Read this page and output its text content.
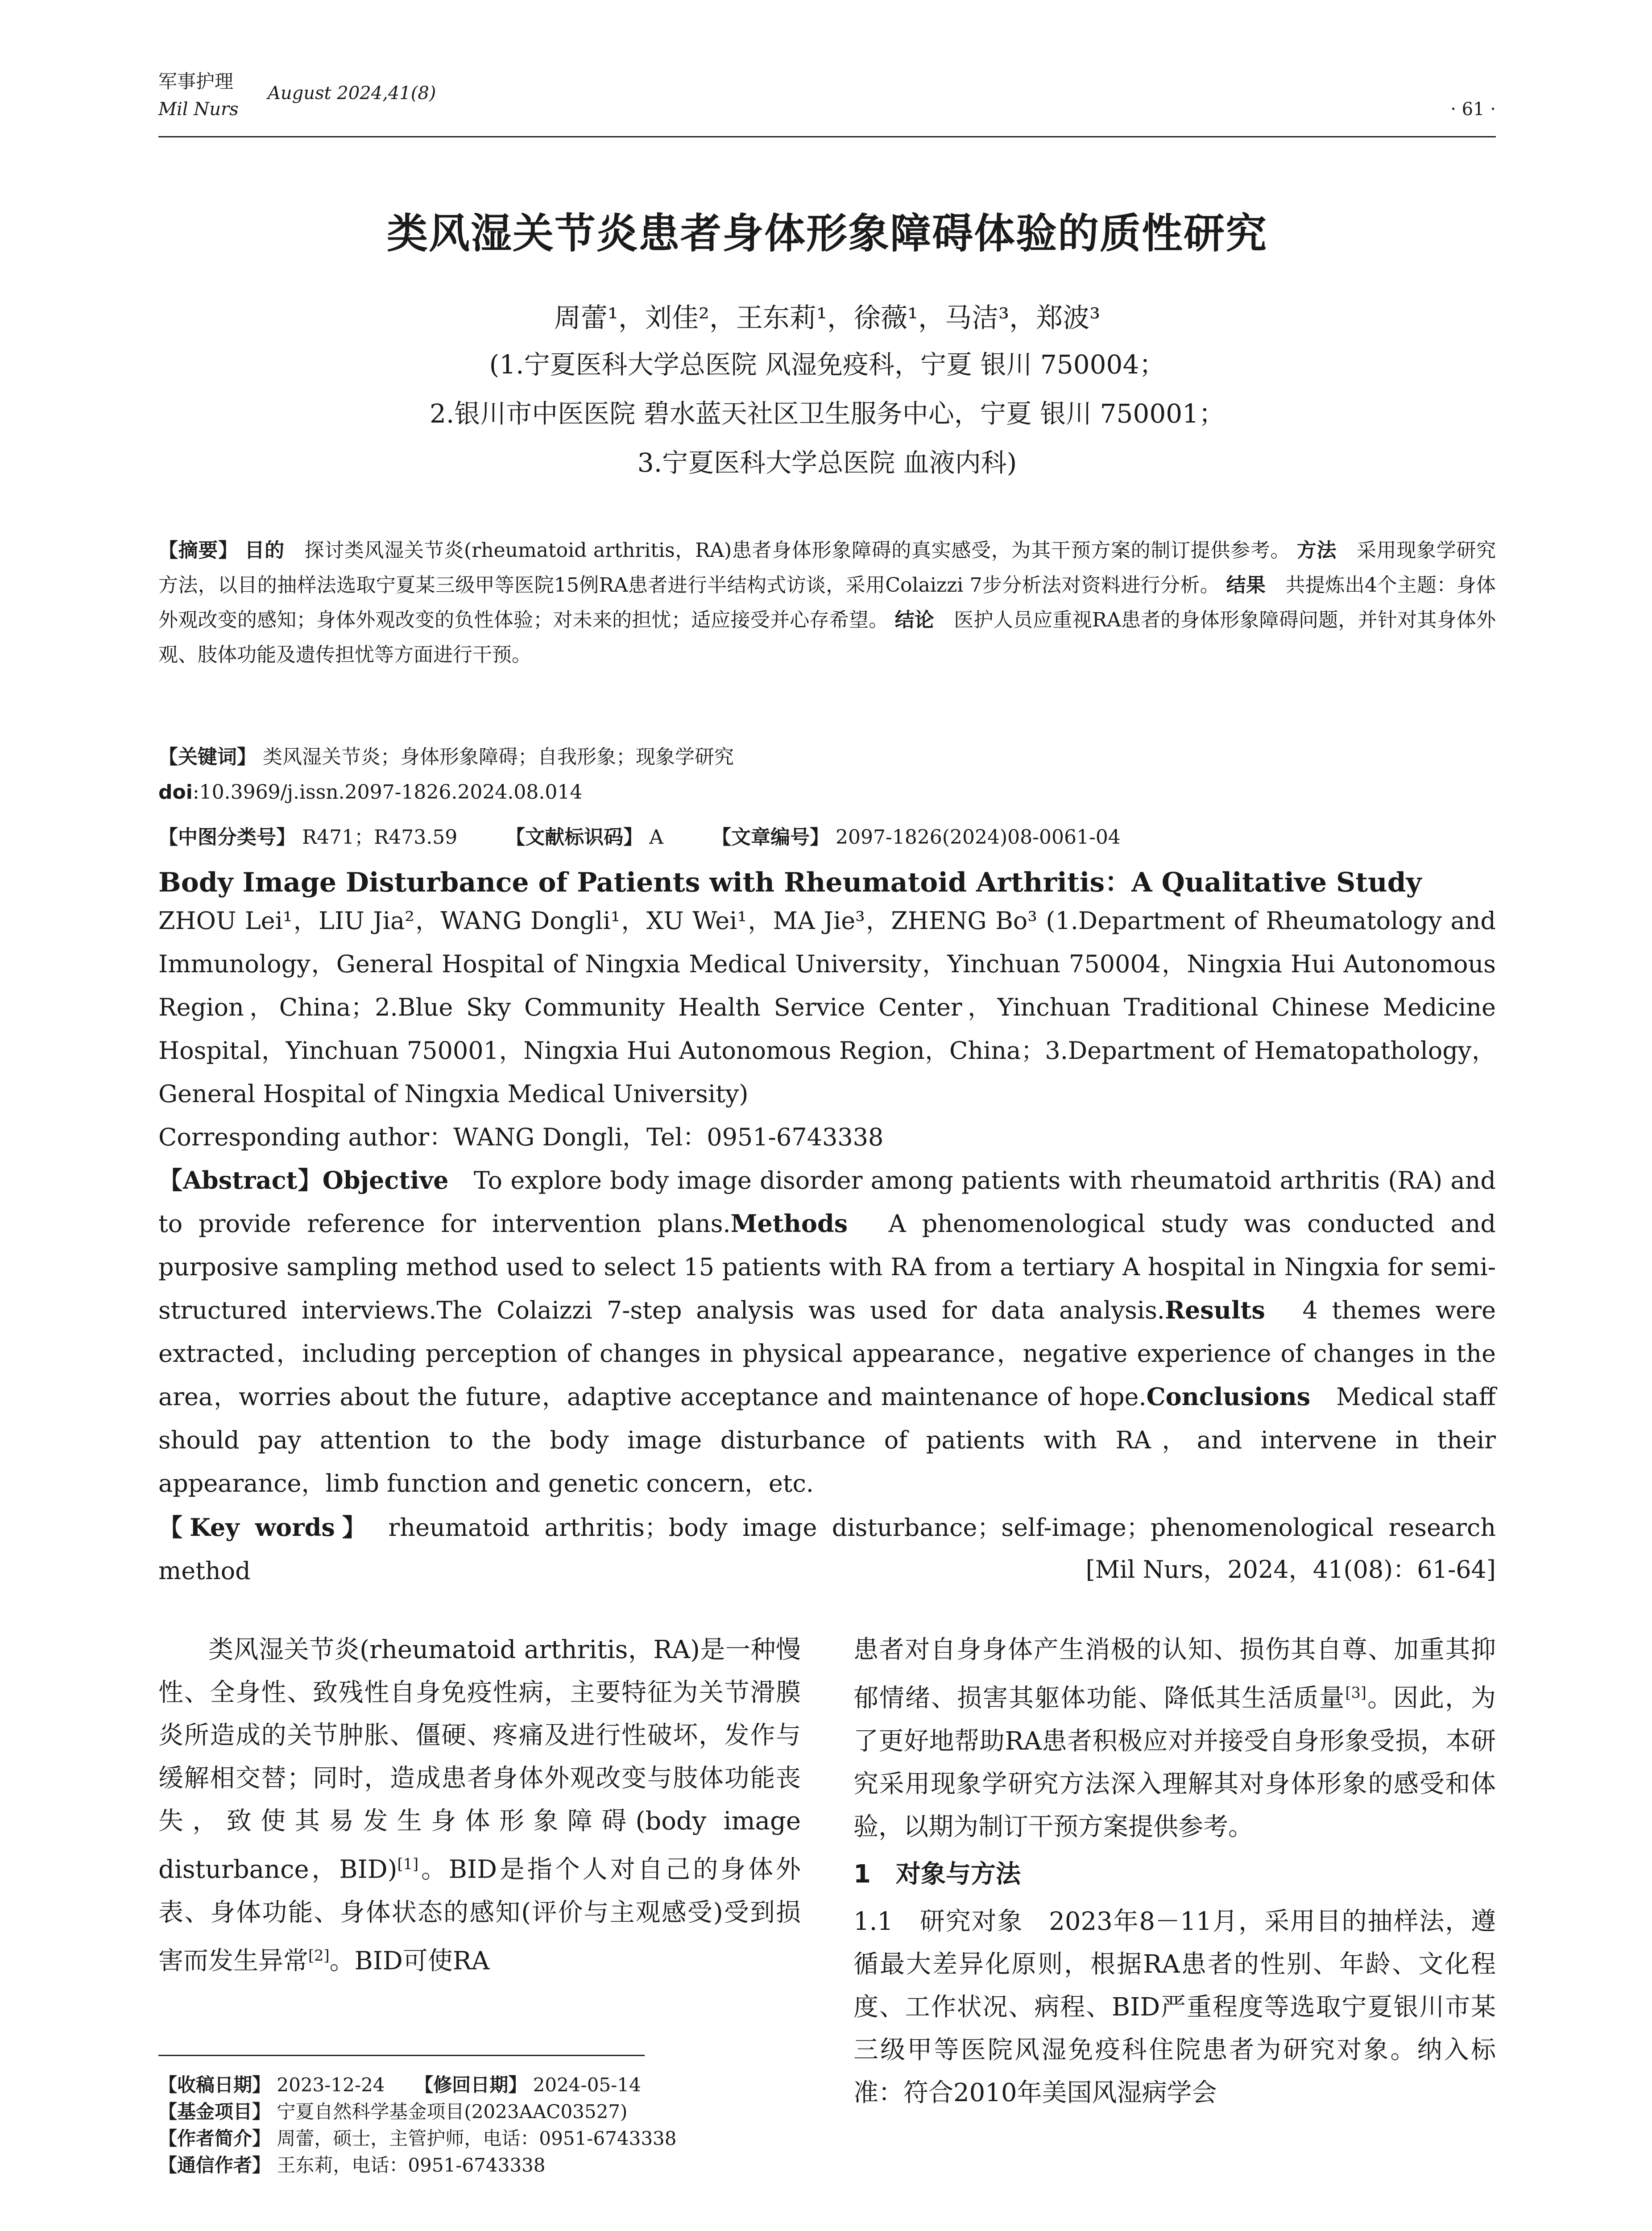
军事护理
August 2024,41(8)
Mil Nurs	· 61 ·
类风湿关节炎患者身体形象障碍体验的质性研究
周蕾¹，刘佳²，王东莉¹，徐薇¹，马洁³，郑波³
(1.宁夏医科大学总医院 风湿免疫科，宁夏 银川 750004；
2.银川市中医医院 碧水蓝天社区卫生服务中心，宁夏 银川 750001；
3.宁夏医科大学总医院 血液内科)
【摘要】 目的　 探讨类风湿关节炎(rheumatoid arthritis，RA)患者身体形象障碍的真实感受，为其干预方案的制订提供参考。 方法　 采用现象学研究方法，以目的抽样法选取宁夏某三级甲等医院15例RA患者进行半结构式访谈，采用Colaizzi 7步分析法对资料进行分析。 结果　 共提炼出4个主题：身体外观改变的感知；身体外观改变的负性体验；对未来的担忧；适应接受并心存希望。 结论　 医护人员应重视RA患者的身体形象障碍问题，并针对其身体外观、肢体功能及遗传担忧等方面进行干预。
【关键词】 类风湿关节炎；身体形象障碍；自我形象；现象学研究
doi:10.3969/j.issn.2097-1826.2024.08.014
【中图分类号】 R471；R473.59 【文献标识码】 A 【文章编号】 2097-1826(2024)08-0061-04
Body Image Disturbance of Patients with Rheumatoid Arthritis：A Qualitative Study
ZHOU Lei¹，LIU Jia²，WANG Dongli¹，XU Wei¹，MA Jie³，ZHENG Bo³ (1.Department of Rheumatology and Immunology，General Hospital of Ningxia Medical University，Yinchuan 750004，Ningxia Hui Autonomous Region，China；2.Blue Sky Community Health Service Center，Yinchuan Traditional Chinese Medicine Hospital，Yinchuan 750001，Ningxia Hui Autonomous Region，China；3.Department of Hematopathology，General Hospital of Ningxia Medical University)
Corresponding author：WANG Dongli，Tel：0951-6743338
【Abstract】Objective　 To explore body image disorder among patients with rheumatoid arthritis (RA) and to provide reference for intervention plans.Methods　 A phenomenological study was conducted and purposive sampling method used to select 15 patients with RA from a tertiary A hospital in Ningxia for semi-structured interviews.The Colaizzi 7-step analysis was used for data analysis.Results　 4 themes were extracted，including perception of changes in physical appearance，negative experience of changes in the area，worries about the future，adaptive acceptance and maintenance of hope.Conclusions　 Medical staff should pay attention to the body image disturbance of patients with RA，and intervene in their appearance，limb function and genetic concern，etc.
【Key words】 rheumatoid arthritis；body image disturbance；self-image；phenomenological research method	[Mil Nurs，2024，41(08)：61-64]
类风湿关节炎(rheumatoid arthritis，RA)是一种慢性、全身性、致残性自身免疫性病，主要特征为关节滑膜炎所造成的关节肿胀、僵硬、疼痛及进行性破坏，发作与缓解相交替；同时，造成患者身体外观改变与肢体功能丧失，致使其易发生身体形象障碍(body image disturbance，BID)[1]。BID是指个人对自己的身体外表、身体功能、身体状态的感知(评价与主观感受)受到损害而发生异常[2]。BID可使RA
【收稿日期】 2023-12-24 【修回日期】 2024-05-14
【基金项目】 宁夏自然科学基金项目(2023AAC03527)
【作者简介】 周蕾，硕士，主管护师，电话：0951-6743338
【通信作者】 王东莉，电话：0951-6743338
患者对自身身体产生消极的认知、损伤其自尊、加重其抑郁情绪、损害其躯体功能、降低其生活质量[3]。因此，为了更好地帮助RA患者积极应对并接受自身形象受损，本研究采用现象学研究方法深入理解其对身体形象的感受和体验，以期为制订干预方案提供参考。
1　对象与方法
1.1　研究对象　 2023年8－11月，采用目的抽样法，遵循最大差异化原则，根据RA患者的性别、年龄、文化程度、工作状况、病程、BID严重程度等选取宁夏银川市某三级甲等医院风湿免疫科住院患者为研究对象。纳入标准：符合2010年美国风湿病学会
